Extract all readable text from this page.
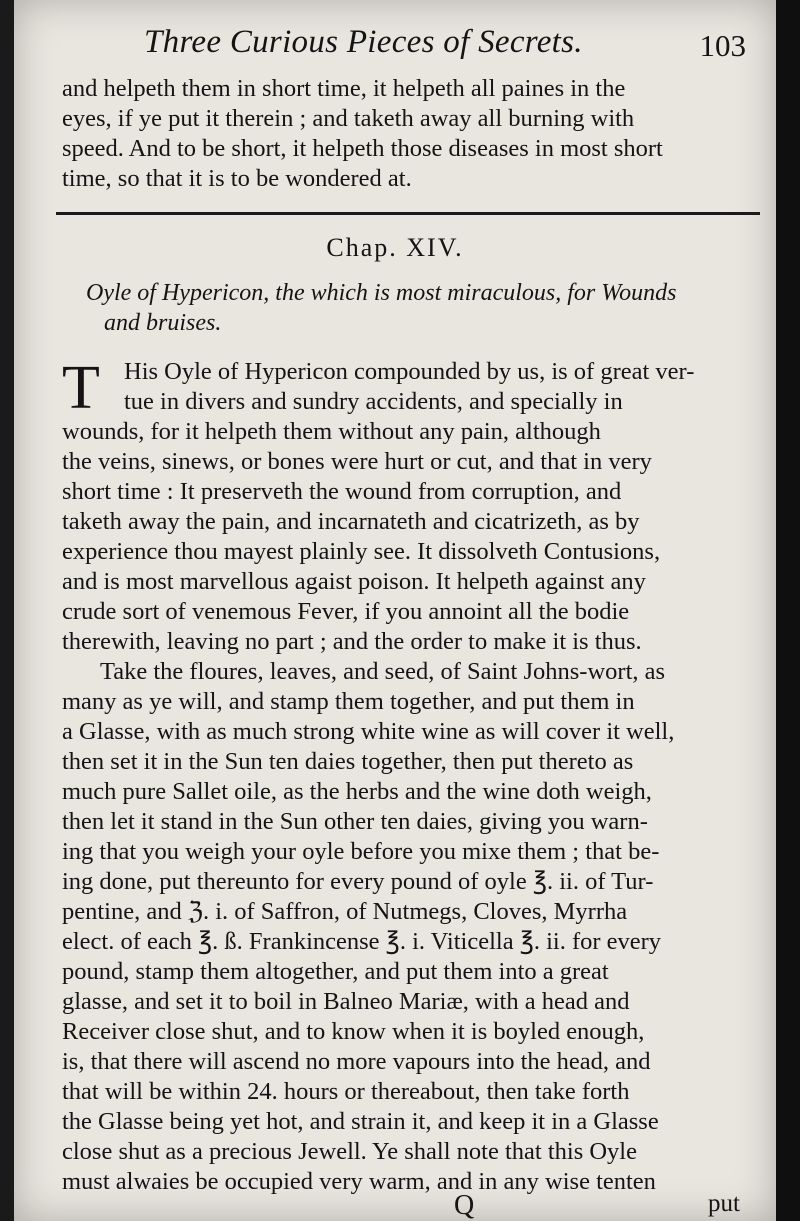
Three Curious Pieces of Secrets.	103
and helpeth them in short time, it helpeth all paines in the
eyes, if ye put it therein ; and taketh away all burning with
speed. And to be short, it helpeth those diseases in most short
time, so that it is to be wondered at.
Chap. XIV.
Oyle of Hypericon, the which is most miraculous, for Wounds
and bruises.
T His Oyle of Hypericon compounded by us, is of great ver-
tue in divers and sundry accidents, and specially in
wounds, for it helpeth them without any pain, although
the veins, sinews, or bones were hurt or cut, and that in very
short time : It preserveth the wound from corruption, and
taketh away the pain, and incarnateth and cicatrizeth, as by
experience thou mayest plainly see. It dissolveth Contusions,
and is most marvellous agaist poison. It helpeth against any
crude sort of venemous Fever, if you annoint all the bodie
therewith, leaving no part ; and the order to make it is thus.
Take the floures, leaves, and seed, of Saint Johns-wort, as
many as ye will, and stamp them together, and put them in
a Glasse, with as much strong white wine as will cover it well,
then set it in the Sun ten daies together, then put thereto as
much pure Sallet oile, as the herbs and the wine doth weigh,
then let it stand in the Sun other ten daies, giving you warn-
ing that you weigh your oyle before you mixe them ; that be-
ing done, put thereunto for every pound of oyle ℥. ii. of Tur-
pentine, and ℨ. i. of Saffron, of Nutmegs, Cloves, Myrrha
elect. of each ℥. ß. Frankincense ℥. i. Viticella ℥. ii. for every
pound, stamp them altogether, and put them into a great
glasse, and set it to boil in Balneo Mariæ, with a head and
Receiver close shut, and to know when it is boyled enough,
is, that there will ascend no more vapours into the head, and
that will be within 24. hours or thereabout, then take forth
the Glasse being yet hot, and strain it, and keep it in a Glasse
close shut as a precious Jewell. Ye shall note that this Oyle
must alwaies be occupied very warm, and in any wise tenten
Q	put
